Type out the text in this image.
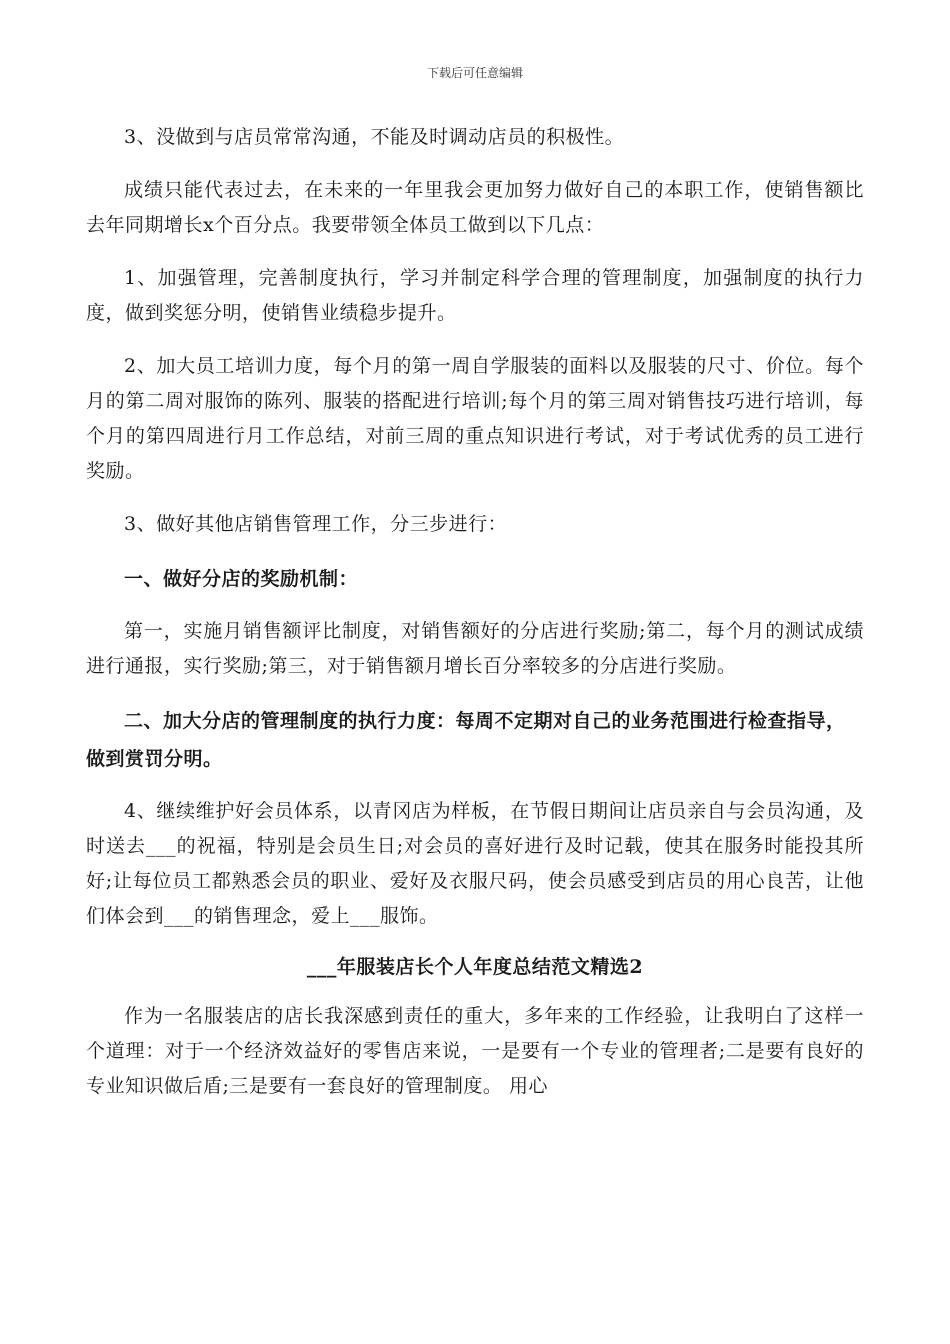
下载后可任意编辑

3、没做到与店员常常沟通，不能及时调动店员的积极性。

成绩只能代表过去，在未来的一年里我会更加努力做好自己的本职工作，使销售额比去年同期增长x个百分点。我要带领全体员工做到以下几点：

1、加强管理，完善制度执行，学习并制定科学合理的管理制度，加强制度的执行力度，做到奖惩分明，使销售业绩稳步提升。

2、加大员工培训力度，每个月的第一周自学服装的面料以及服装的尺寸、价位。每个月的第二周对服饰的陈列、服装的搭配进行培训;每个月的第三周对销售技巧进行培训，每个月的第四周进行月工作总结，对前三周的重点知识进行考试，对于考试优秀的员工进行奖励。

3、做好其他店销售管理工作，分三步进行：

一、做好分店的奖励机制：

第一，实施月销售额评比制度，对销售额好的分店进行奖励;第二，每个月的测试成绩进行通报，实行奖励;第三，对于销售额月增长百分率较多的分店进行奖励。

二、加大分店的管理制度的执行力度：每周不定期对自己的业务范围进行检查指导，做到赏罚分明。

4、继续维护好会员体系，以青冈店为样板，在节假日期间让店员亲自与会员沟通，及时送去___的祝福，特别是会员生日;对会员的喜好进行及时记载，使其在服务时能投其所好;让每位员工都熟悉会员的职业、爱好及衣服尺码，使会员感受到店员的用心良苦，让他们体会到___的销售理念，爱上___服饰。

___年服装店长个人年度总结范文精选2

作为一名服装店的店长我深感到责任的重大，多年来的工作经验，让我明白了这样一个道理：对于一个经济效益好的零售店来说，一是要有一个专业的管理者;二是要有良好的专业知识做后盾;三是要有一套良好的管理制度。 用心
